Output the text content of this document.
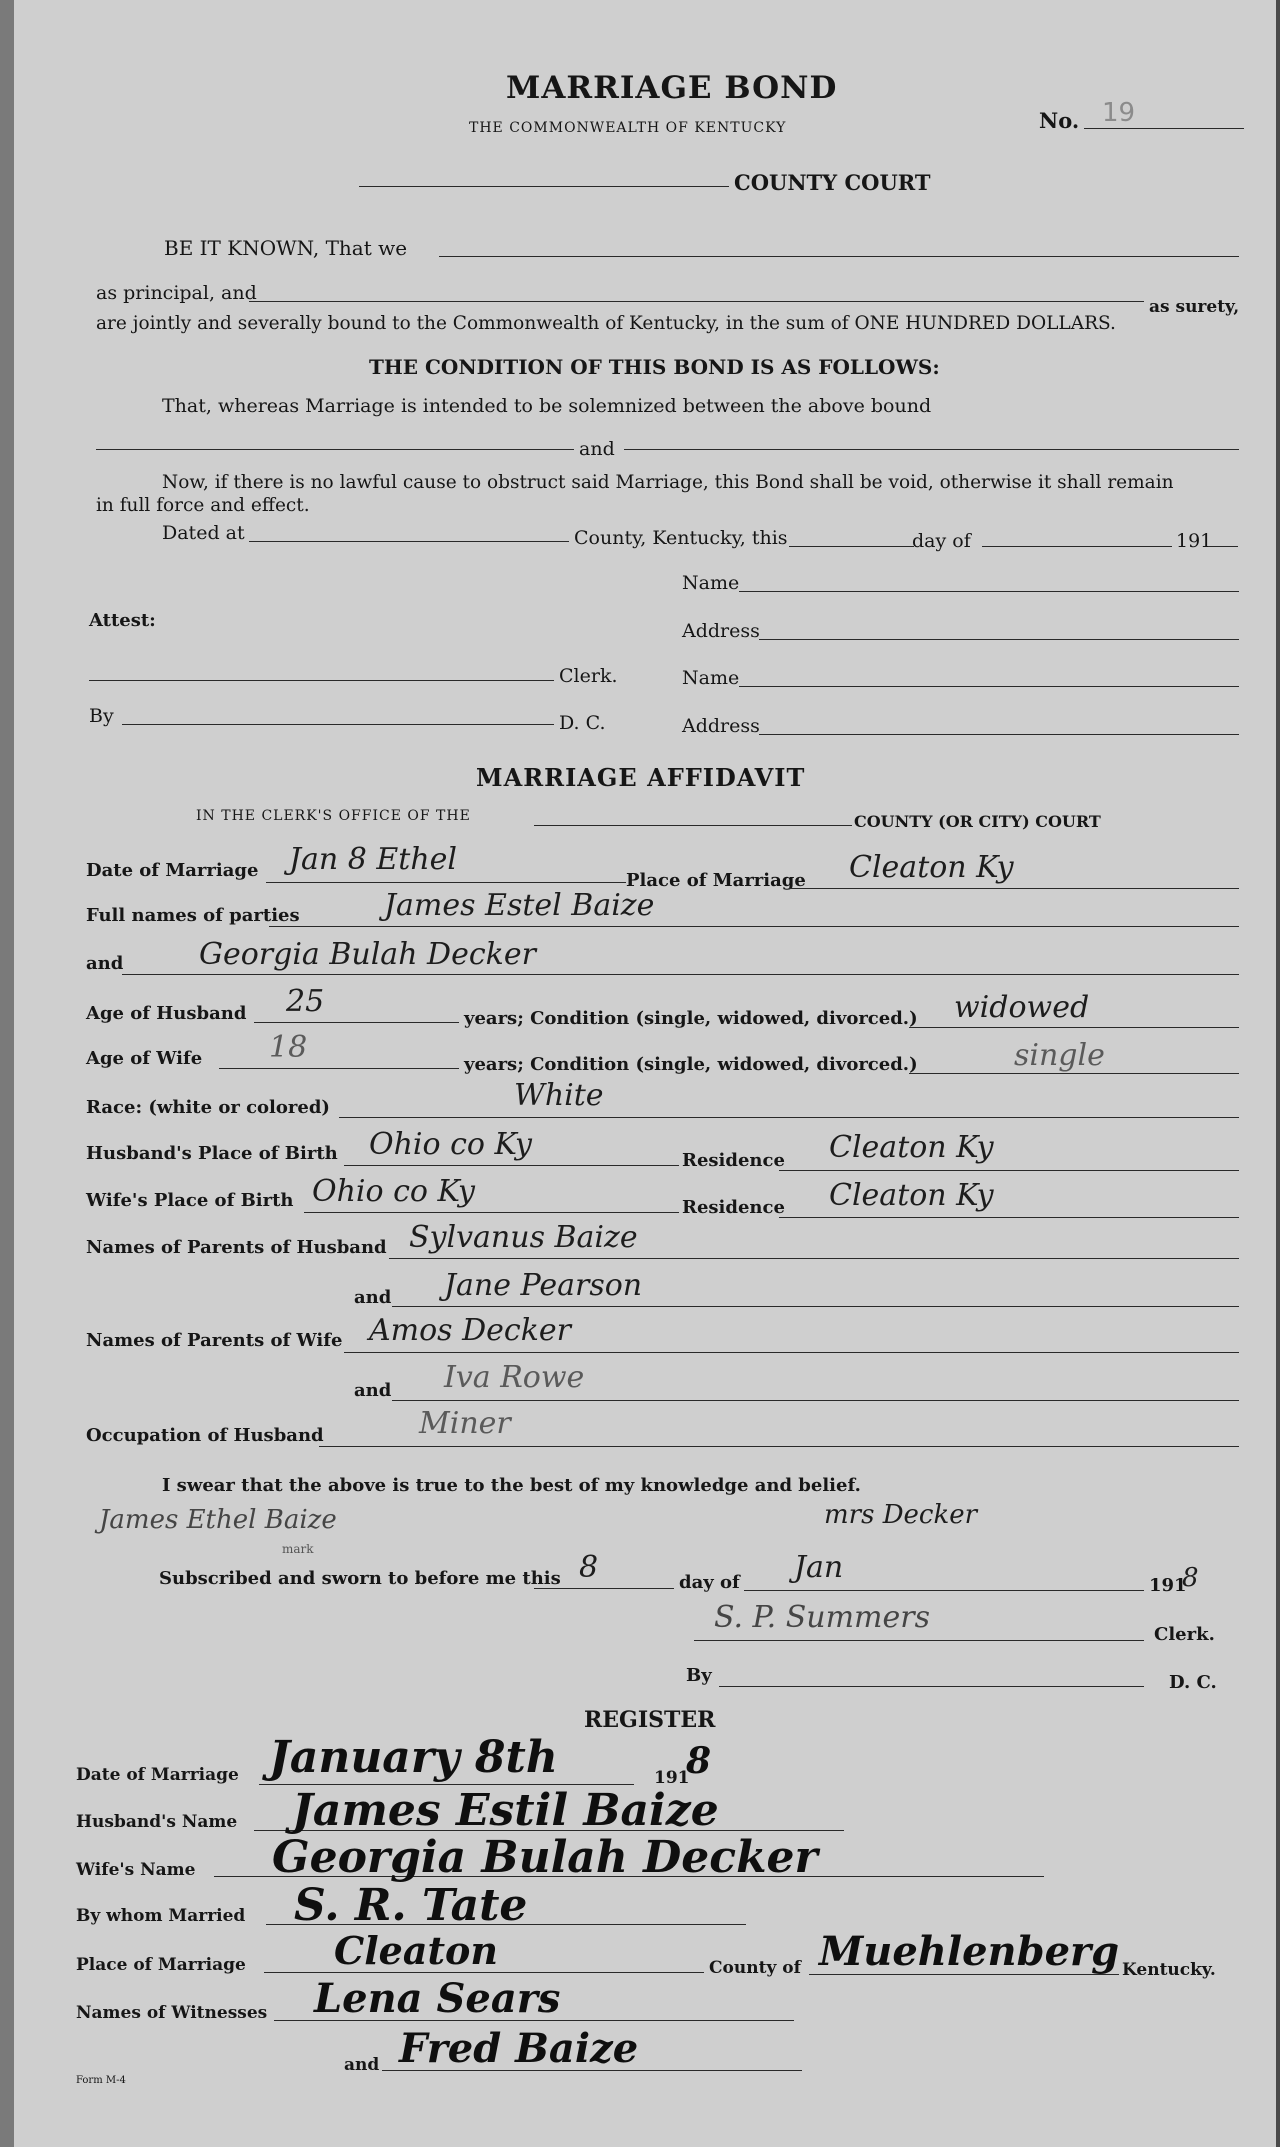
MARRIAGE BOND
THE COMMONWEALTH OF KENTUCKY	No. 19
COUNTY COURT
BE IT KNOWN, That we
as principal, and
as surety,
are jointly and severally bound to the Commonwealth of Kentucky, in the sum of ONE HUNDRED DOLLARS.
THE CONDITION OF THIS BOND IS AS FOLLOWS:
That, whereas Marriage is intended to be solemnized between the above bound
and
Now, if there is no lawful cause to obstruct said Marriage, this Bond shall be void, otherwise it shall remain
in full force and effect.
Dated at	County, Kentucky, this	day of	191
Name
Attest:	Address
Clerk.	Name
By	D. C.	Address
MARRIAGE AFFIDAVIT
IN THE CLERK'S OFFICE OF THE	COUNTY (OR CITY) COURT
Date of Marriage Jan 8 Ethel
Place of Marriage Cleaton Ky
Full names of parties	James Estel Baize
and	Georgia Bulah Decker
Age of Husband 25	years; Condition (single, widowed, divorced.) widowed
Age of Wife 18	years; Condition (single, widowed, divorced.)	single
Race: (white or colored)	White
Husband's Place of Birth Ohio co Ky	Residence Cleaton Ky
Wife's Place of Birth Ohio co Ky	Residence Cleaton Ky
Names of Parents of Husband Sylvanus Baize
and Jane Pearson
Names of Parents of Wife Amos Decker
and Iva Rowe
Occupation of Husband	Miner
I swear that the above is true to the best of my knowledge and belief.
James Ethel Baize
mark
mrs Decker
Subscribed and sworn to before me this 8	day of Jan
191
8
S. P. Summers	Clerk.
By	D. C.
REGISTER
Date of Marriage January 8th	191
8
Husband's Name James Estil Baize
Wife's Name Georgia Bulah Decker
By whom Married S. R. Tate
Place of Marriage Cleaton	County of Muehlenberg Kentucky.
Names of Witnesses Lena Sears
and Fred Baize
Form M-4
